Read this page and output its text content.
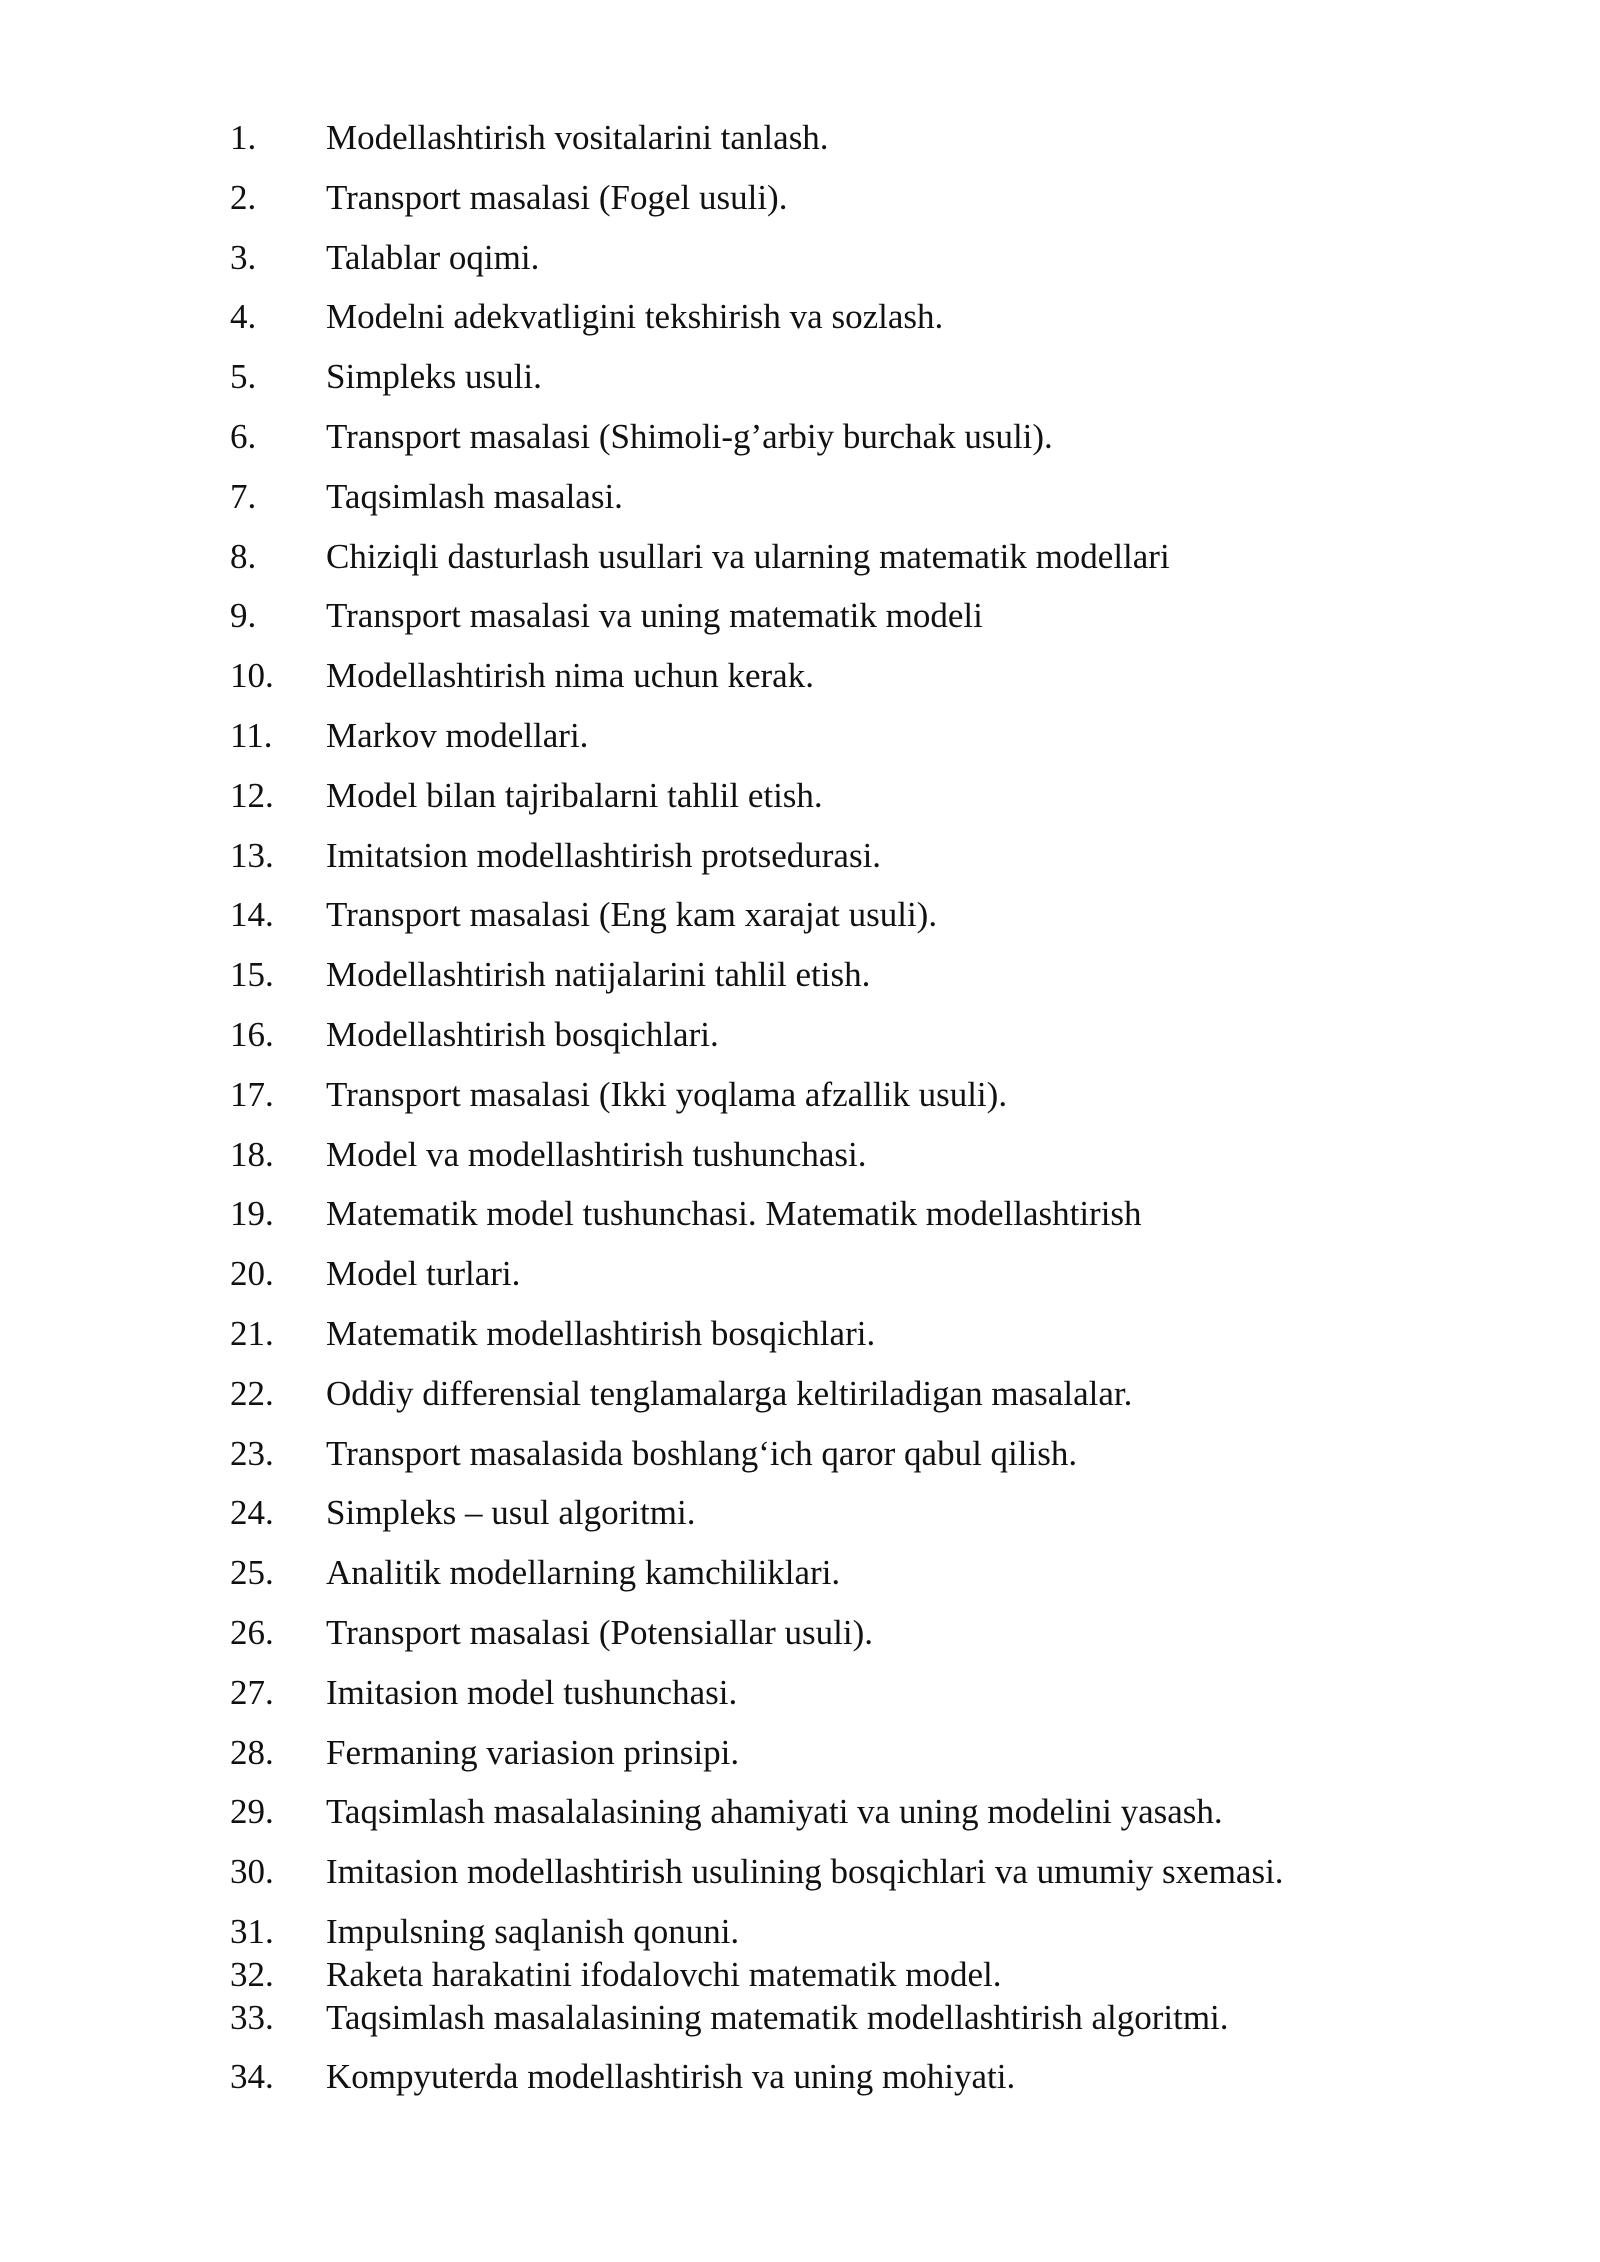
1. Modellashtirish vositalarini tanlash.
2. Transport masalasi (Fogel usuli).
3. Talablar oqimi.
4. Modelni adekvatligini tekshirish va sozlash.
5. Simpleks usuli.
6. Transport masalasi (Shimoli-g’arbiy burchak usuli).
7. Taqsimlash masalasi.
8. Chiziqli dasturlash usullari va ularning matematik modellari
9. Transport masalasi va uning matematik modeli
10. Modellashtirish nima uchun kerak.
11. Markov modellari.
12. Model bilan tajribalarni tahlil etish.
13. Imitatsion modellashtirish protsedurasi.
14. Transport masalasi (Eng kam xarajat usuli).
15. Modellashtirish natijalarini tahlil etish.
16. Modellashtirish bosqichlari.
17. Transport masalasi (Ikki yoqlama afzallik usuli).
18. Model va modellashtirish tushunchasi.
19. Matematik model tushunchasi. Matematik modellashtirish
20. Model turlari.
21. Matematik modellashtirish bosqichlari.
22. Oddiy differensial tenglamalarga keltiriladigan masalalar.
23. Transport masalasida boshlang‘ich qaror qabul qilish.
24. Simpleks – usul algoritmi.
25. Analitik modellarning kamchiliklari.
26. Transport masalasi (Potensiallar usuli).
27. Imitasion model tushunchasi.
28. Fermaning variasion prinsipi.
29. Taqsimlash masalalasining ahamiyati va uning modelini yasash.
30. Imitasion modellashtirish usulining bosqichlari va umumiy sxemasi.
31. Impulsning saqlanish qonuni.
32. Raketa harakatini ifodalovchi matematik model.
33. Taqsimlash masalalasining matematik modellashtirish algoritmi.
34. Kompyuterda modellashtirish va uning mohiyati.
